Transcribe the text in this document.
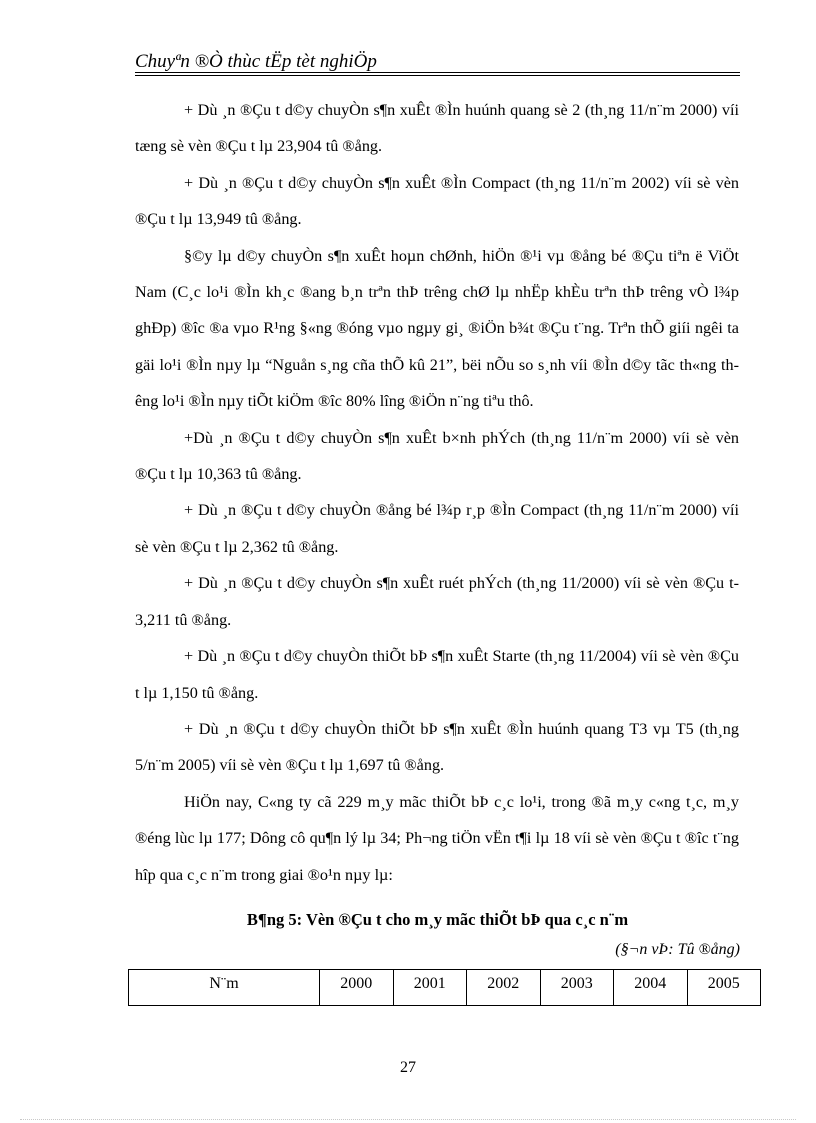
Chuyªn ®Ò thùc tËp tèt nghiÖp

+ Dù ¸n ®Çu t d©y chuyÒn s¶n xuÊt ®Ìn huúnh quang sè 2 (th¸ng 11/n¨m 2000) víi tæng sè vèn ®Çu t lµ 23,904 tû ®ång.

+ Dù ¸n ®Çu t d©y chuyÒn s¶n xuÊt ®Ìn Compact (th¸ng 11/n¨m 2002) víi sè vèn ®Çu t lµ 13,949 tû ®ång.

§©y lµ d©y chuyÒn s¶n xuÊt hoµn chØnh, hiÖn ®¹i vµ ®ång bé ®Çu tiªn ë ViÖt Nam (C¸c lo¹i ®Ìn kh¸c ®ang b¸n trªn thÞ trêng chØ lµ nhËp khÈu trªn thÞ trêng vÒ l¾p ghÐp) ®îc ®a vµo R¹ng §«ng ®óng vµo ngµy gi¸ ®iÖn b¾t ®Çu t¨ng. Trªn thÕ giíi ngêi ta gäi lo¹i ®Ìn nµy lµ “Nguån s¸ng cña thÕ kû 21”, bëi nÕu so s¸nh víi ®Ìn d©y tãc th«ng thêng lo¹i ®Ìn nµy tiÕt kiÖm ®îc 80% lîng ®iÖn n¨ng tiªu thô.

+Dù ¸n ®Çu t d©y chuyÒn s¶n xuÊt b×nh phÝch (th¸ng 11/n¨m 2000) víi sè vèn ®Çu t lµ 10,363 tû ®ång.

+ Dù ¸n ®Çu t d©y chuyÒn ®ång bé l¾p r¸p ®Ìn Compact (th¸ng 11/n¨m 2000) víi sè vèn ®Çu t lµ 2,362 tû ®ång.

+ Dù ¸n ®Çu t d©y chuyÒn s¶n xuÊt ruét phÝch (th¸ng 11/2000) víi sè vèn ®Çu t 3,211 tû ®ång.

+ Dù ¸n ®Çu t d©y chuyÒn thiÕt bÞ s¶n xuÊt Starte (th¸ng 11/2004) víi sè vèn ®Çu t lµ 1,150 tû ®ång.

+ Dù ¸n ®Çu t d©y chuyÒn thiÕt bÞ s¶n xuÊt ®Ìn huúnh quang T3 vµ T5 (th¸ng 5/n¨m 2005) víi sè vèn ®Çu t lµ 1,697 tû ®ång.

HiÖn nay, C«ng ty cã 229 m¸y mãc thiÕt bÞ c¸c lo¹i, trong ®ã m¸y c«ng t¸c, m¸y ®éng lùc lµ 177; Dông cô qu¶n lý lµ 34; Ph¬ng tiÖn vËn t¶i lµ 18 víi sè vèn ®Çu t ®îc t¨ng hîp qua c¸c n¨m trong giai ®o¹n nµy lµ:

B¶ng 5: Vèn ®Çu t cho m¸y mãc thiÕt bÞ qua c¸c n¨m
(§¬n vÞ: Tû ®ång)
N¨m	2000	2001	2002	2003	2004	2005
27
